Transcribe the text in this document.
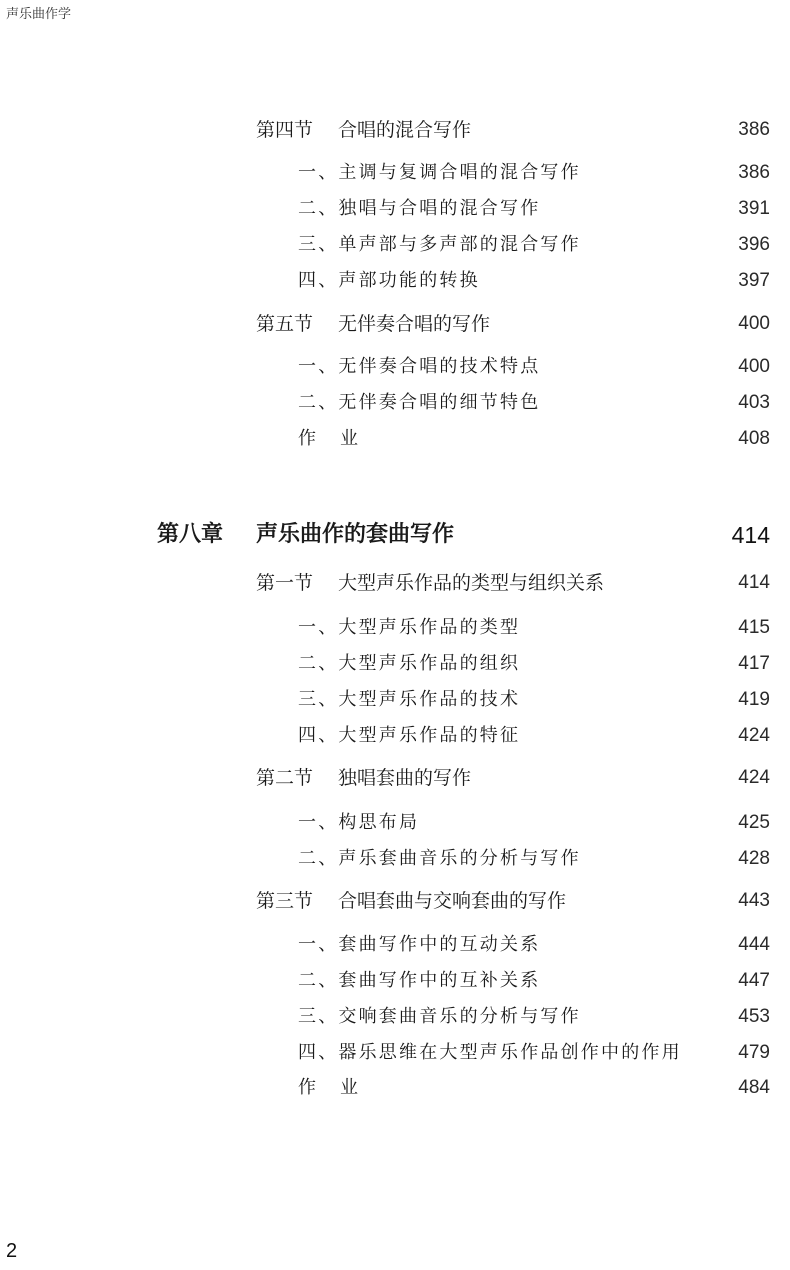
声乐曲作学
第四节 合唱的混合写作	386
一、主调与复调合唱的混合写作	386
二、独唱与合唱的混合写作	391
三、单声部与多声部的混合写作	396
四、声部功能的转换	397
第五节 无伴奏合唱的写作	400
一、无伴奏合唱的技术特点	400
二、无伴奏合唱的细节特色	403
作 业	408
第八章 声乐曲作的套曲写作	414
第一节 大型声乐作品的类型与组织关系	414
一、大型声乐作品的类型	415
二、大型声乐作品的组织	417
三、大型声乐作品的技术	419
四、大型声乐作品的特征	424
第二节 独唱套曲的写作	424
一、构思布局	425
二、声乐套曲音乐的分析与写作	428
第三节 合唱套曲与交响套曲的写作	443
一、套曲写作中的互动关系	444
二、套曲写作中的互补关系	447
三、交响套曲音乐的分析与写作	453
四、器乐思维在大型声乐作品创作中的作用	479
作 业	484
2
